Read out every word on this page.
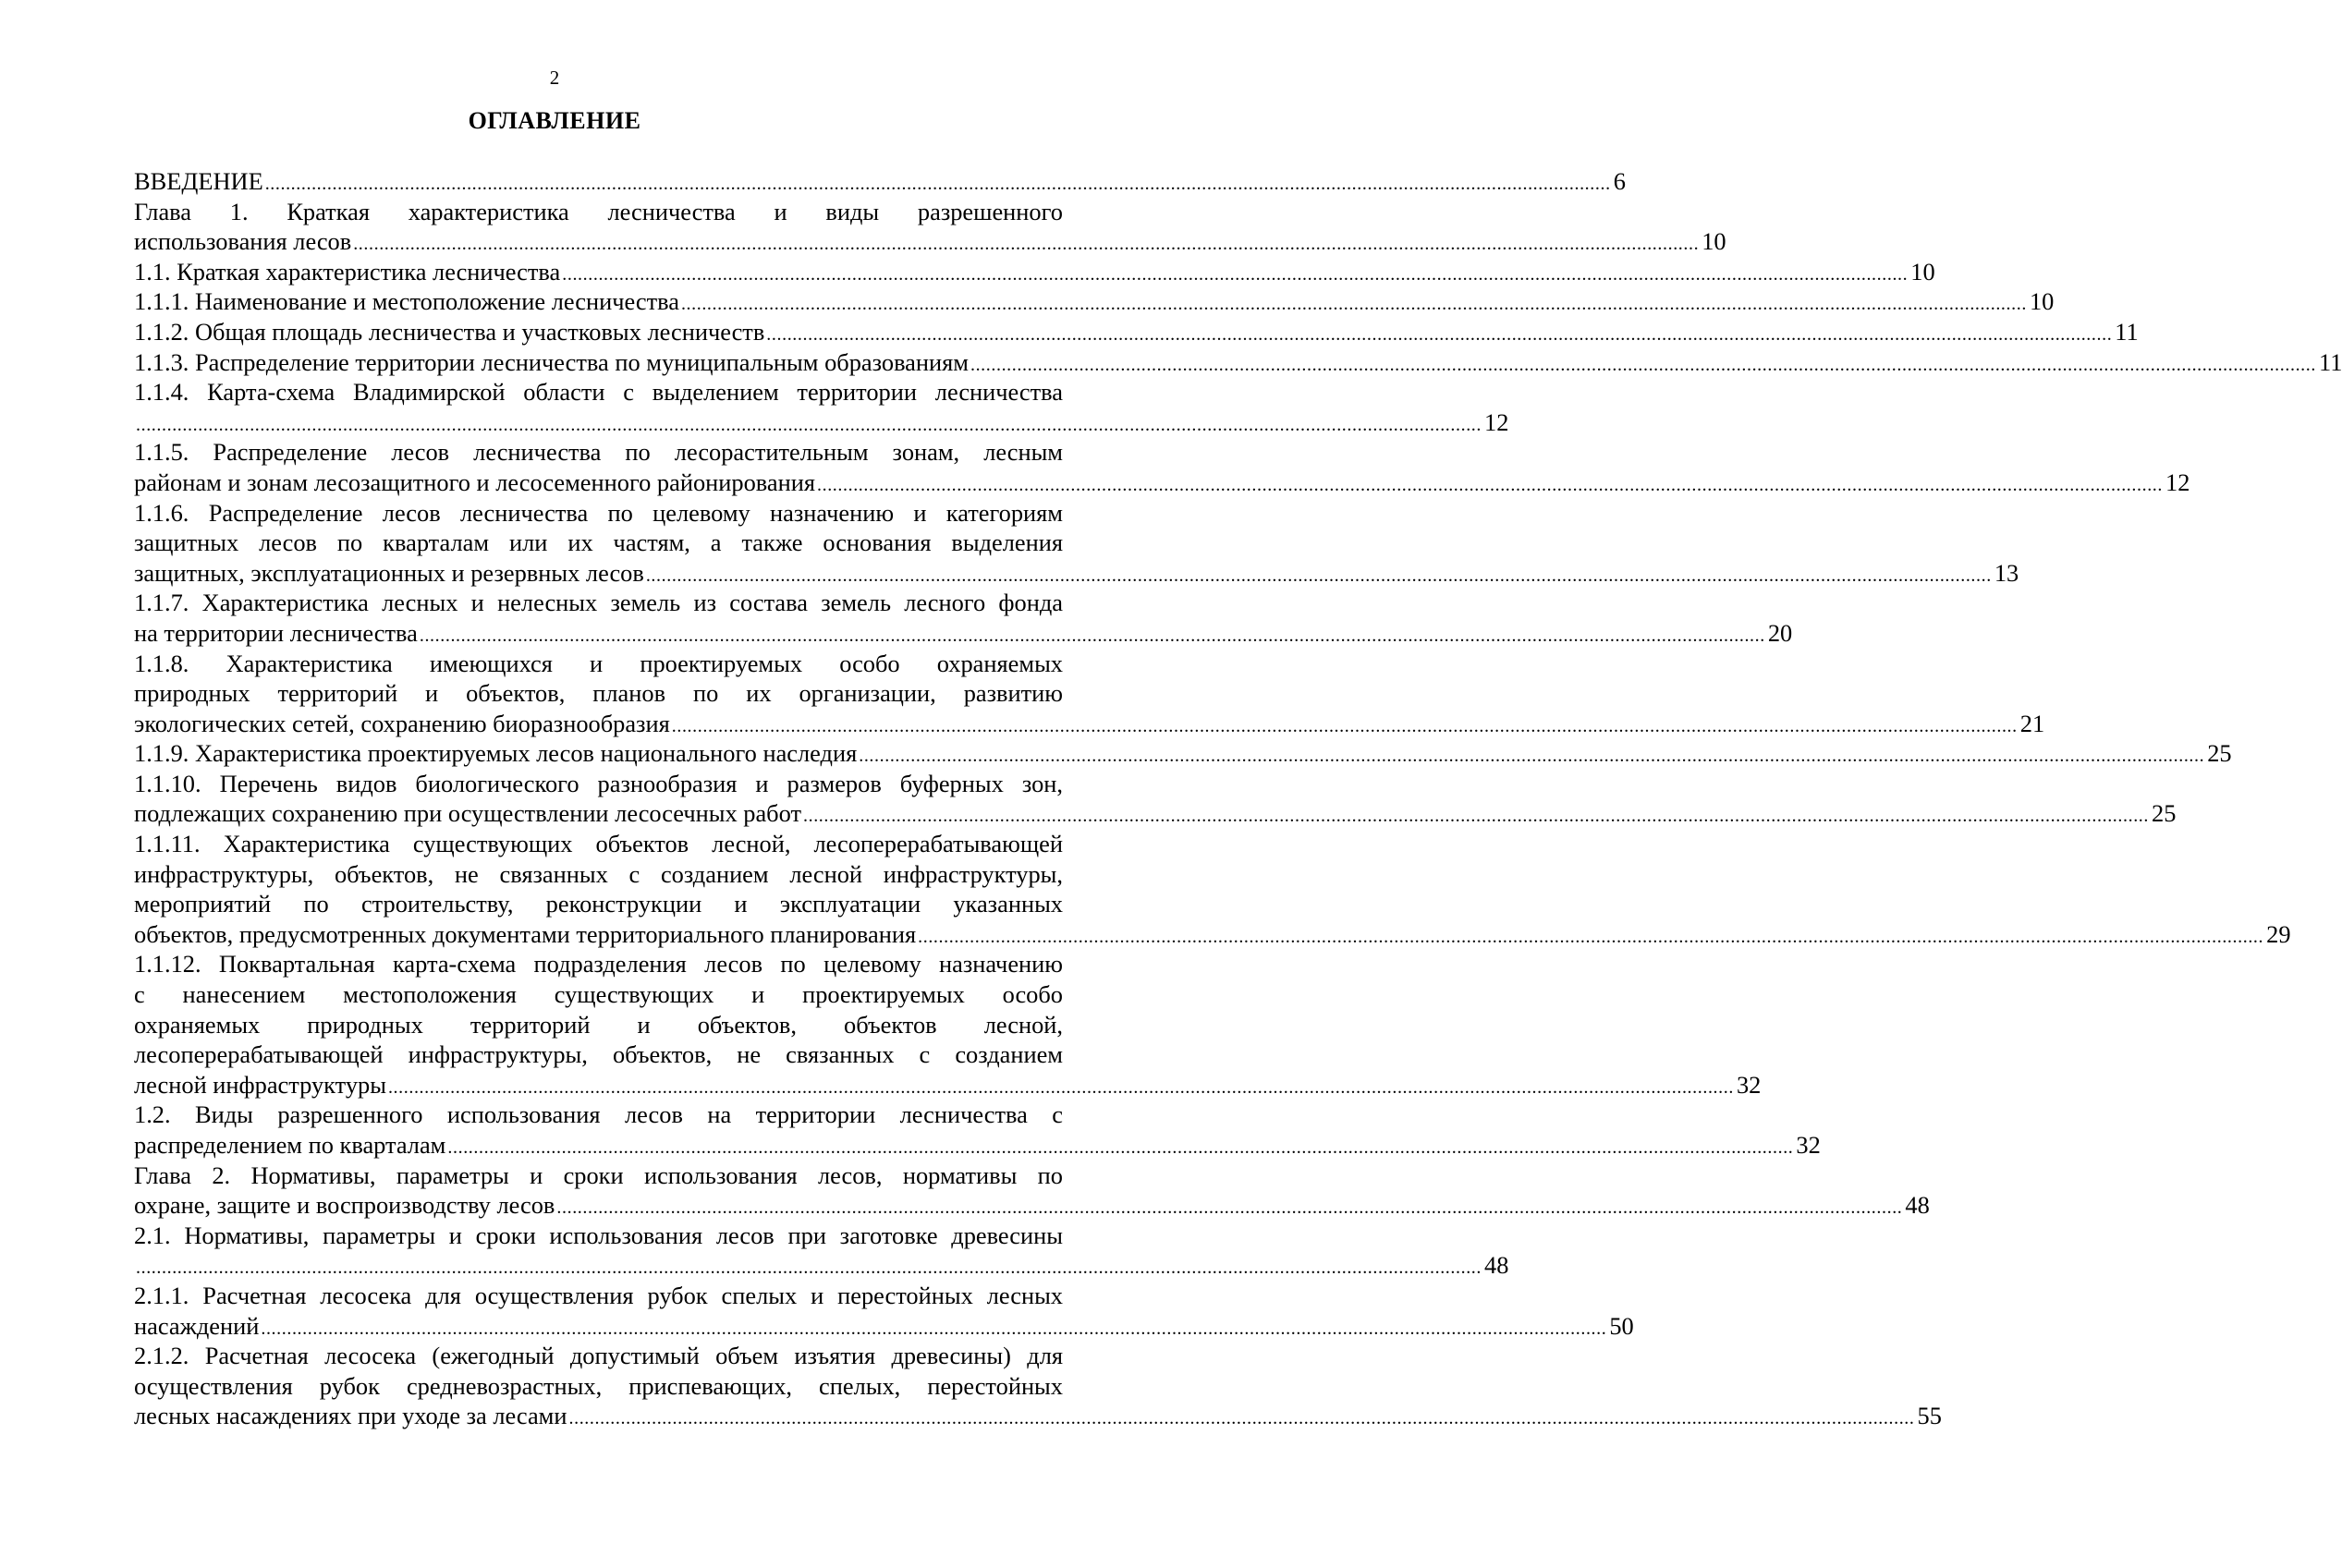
2
ОГЛАВЛЕНИЕ
ВВЕДЕНИЕ .................................................................................................................................................................................................................................................................... 6
Глава 1. Краткая характеристика лесничества и виды разрешенного
использования лесов .................................................................................................................................................................................................................................................................... 10
1.1. Краткая характеристика лесничества .................................................................................................................................................................................................................................................................... 10
1.1.1. Наименование и местоположение лесничества .................................................................................................................................................................................................................................................................... 10
1.1.2. Общая площадь лесничества и участковых лесничеств .................................................................................................................................................................................................................................................................... 11
1.1.3. Распределение территории лесничества по муниципальным образованиям .................................................................................................................................................................................................................................................................... 11
1.1.4. Карта-схема Владимирской области с выделением территории лесничества
.................................................................................................................................................................................................................................................................... 12
1.1.5. Распределение лесов лесничества по лесорастительным зонам, лесным
районам и зонам лесозащитного и лесосеменного районирования .................................................................................................................................................................................................................................................................... 12
1.1.6. Распределение лесов лесничества по целевому назначению и категориям
защитных лесов по кварталам или их частям, а также основания выделения
защитных, эксплуатационных и резервных лесов .................................................................................................................................................................................................................................................................... 13
1.1.7. Характеристика лесных и нелесных земель из состава земель лесного фонда
на территории лесничества .................................................................................................................................................................................................................................................................... 20
1.1.8. Характеристика имеющихся и проектируемых особо охраняемых
природных территорий и объектов, планов по их организации, развитию
экологических сетей, сохранению биоразнообразия .................................................................................................................................................................................................................................................................... 21
1.1.9. Характеристика проектируемых лесов национального наследия .................................................................................................................................................................................................................................................................... 25
1.1.10. Перечень видов биологического разнообразия и размеров буферных зон,
подлежащих сохранению при осуществлении лесосечных работ .................................................................................................................................................................................................................................................................... 25
1.1.11. Характеристика существующих объектов лесной, лесоперерабатывающей
инфраструктуры, объектов, не связанных с созданием лесной инфраструктуры,
мероприятий по строительству, реконструкции и эксплуатации указанных
объектов, предусмотренных документами территориального планирования .................................................................................................................................................................................................................................................................... 29
1.1.12. Поквартальная карта-схема подразделения лесов по целевому назначению
с нанесением местоположения существующих и проектируемых особо
охраняемых природных территорий и объектов, объектов лесной,
лесоперерабатывающей инфраструктуры, объектов, не связанных с созданием
лесной инфраструктуры .................................................................................................................................................................................................................................................................... 32
1.2. Виды разрешенного использования лесов на территории лесничества с
распределением по кварталам .................................................................................................................................................................................................................................................................... 32
Глава 2. Нормативы, параметры и сроки использования лесов, нормативы по
охране, защите и воспроизводству лесов .................................................................................................................................................................................................................................................................... 48
2.1. Нормативы, параметры и сроки использования лесов при заготовке древесины
.................................................................................................................................................................................................................................................................... 48
2.1.1. Расчетная лесосека для осуществления рубок спелых и перестойных лесных
насаждений .................................................................................................................................................................................................................................................................... 50
2.1.2. Расчетная лесосека (ежегодный допустимый объем изъятия древесины) для
осуществления рубок средневозрастных, приспевающих, спелых, перестойных
лесных насаждениях при уходе за лесами .................................................................................................................................................................................................................................................................... 55
